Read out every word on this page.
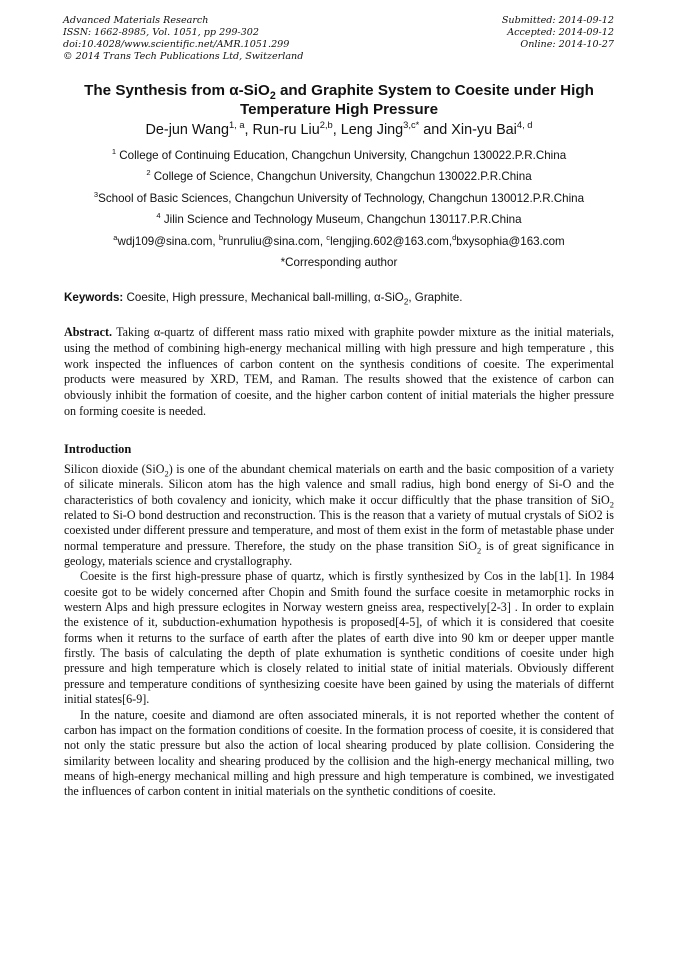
Advanced Materials Research
ISSN: 1662-8985, Vol. 1051, pp 299-302
doi:10.4028/www.scientific.net/AMR.1051.299
© 2014 Trans Tech Publications Ltd, Switzerland
Submitted: 2014-09-12
Accepted: 2014-09-12
Online: 2014-10-27
The Synthesis from α-SiO$_2$ and Graphite System to Coesite under High
Temperature High Pressure
De-jun Wang$^{1, a}$, Run-ru Liu$^{2,b}$, Leng Jing$^{3,c*}$ and Xin-yu Bai$^{4, d}$
$^1$ College of Continuing Education, Changchun University, Changchun 130022.P.R.China
$^2$ College of Science, Changchun University, Changchun 130022.P.R.China
$^3$School of Basic Sciences, Changchun University of Technology, Changchun 130012.P.R.China
$^4$ Jilin Science and Technology Museum, Changchun 130117.P.R.China
$^a$wdj109@sina.com, $^b$runruliu@sina.com, $^c$lengjing.602@163.com,$^d$bxysophia@163.com
*Corresponding author
Keywords: Coesite, High pressure, Mechanical ball-milling, α-SiO$_2$, Graphite.
Abstract. Taking α-quartz of different mass ratio mixed with graphite powder mixture as the initial materials, using the method of combining high-energy mechanical milling with high pressure and high temperature , this work inspected the influences of carbon content on the synthesis conditions of coesite. The experimental products were measured by XRD, TEM, and Raman. The results showed that the existence of carbon can obviously inhibit the formation of coesite, and the higher carbon content of initial materials the higher pressure on forming coesite is needed.
Introduction

Silicon dioxide (SiO$_2$) is one of the abundant chemical materials on earth and the basic composition of a variety of silicate minerals. Silicon atom has the high valence and small radius, high bond energy of Si-O and the characteristics of both covalency and ionicity, which make it occur difficultly that the phase transition of SiO$_2$ related to Si-O bond destruction and reconstruction. This is the reason that a variety of mutual crystals of SiO2 is coexisted under different pressure and temperature, and most of them exist in the form of metastable phase under normal temperature and pressure. Therefore, the study on the phase transition SiO$_2$ is of great significance in geology, materials science and crystallography.

Coesite is the first high-pressure phase of quartz, which is firstly synthesized by Cos in the lab[1]. In 1984 coesite got to be widely concerned after Chopin and Smith found the surface coesite in metamorphic rocks in western Alps and high pressure eclogites in Norway western gneiss area, respectively[2-3] . In order to explain the existence of it, subduction-exhumation hypothesis is proposed[4-5], of which it is considered that coesite forms when it returns to the surface of earth after the plates of earth dive into 90 km or deeper upper mantle firstly. The basis of calculating the depth of plate exhumation is synthetic conditions of coesite under high pressure and high temperature which is closely related to initial state of initial materials. Obviously different pressure and temperature conditions of synthesizing coesite have been gained by using the materials of differnt initial states[6-9].

In the nature, coesite and diamond are often associated minerals, it is not reported whether the content of carbon has impact on the formation conditions of coesite. In the formation process of coesite, it is considered that not only the static pressure but also the action of local shearing produced by plate collision. Considering the similarity between locality and shearing produced by the collision and the high-energy mechanical milling, two means of high-energy mechanical milling and high pressure and high temperature is combined, we investigated the influences of carbon content in initial materials on the synthetic conditions of coesite.
